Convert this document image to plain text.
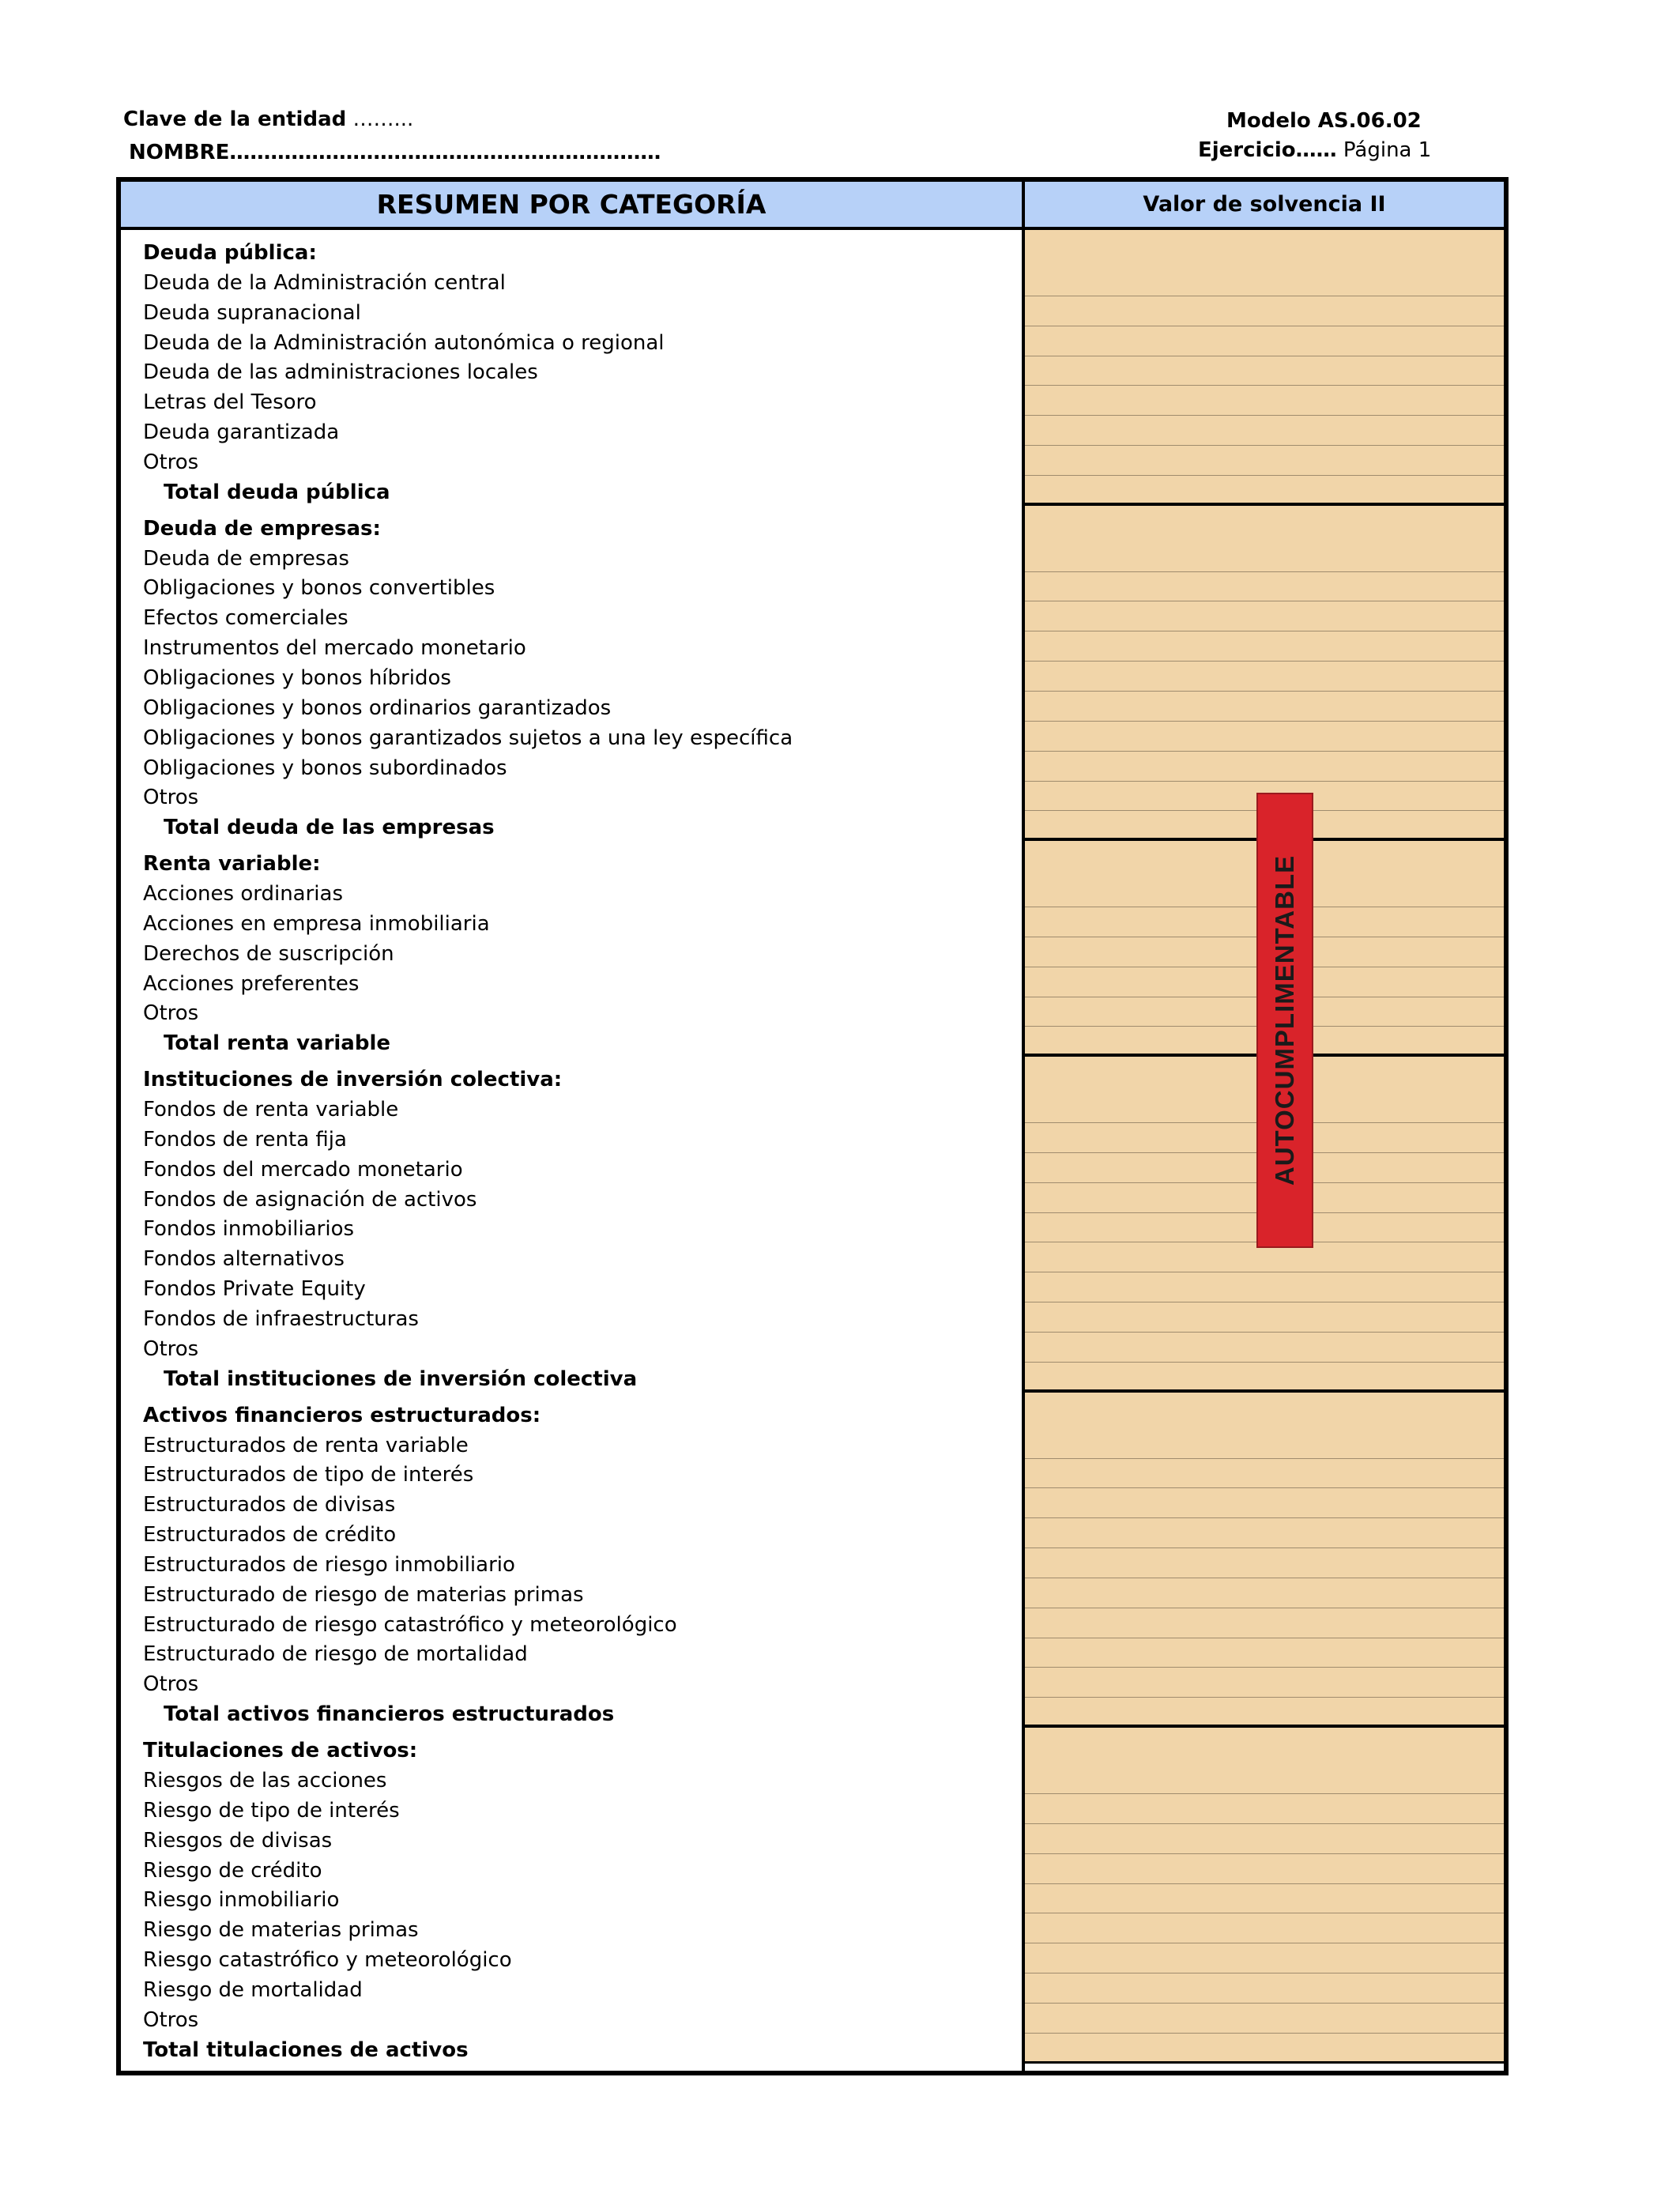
Clave de la entidad ……...
NOMBRE………………………………………………………
Modelo AS.06.02
Ejercicio…… Página 1
RESUMEN POR CATEGORÍA	Valor de solvencia II
Deuda pública:
Deuda de la Administración central
Deuda supranacional
Deuda de la Administración autonómica o regional
Deuda de las administraciones locales
Letras del Tesoro
Deuda garantizada
Otros
Total deuda pública
Deuda de empresas:
Deuda de empresas
Obligaciones y bonos convertibles
Efectos comerciales
Instrumentos del mercado monetario
Obligaciones y bonos híbridos
Obligaciones y bonos ordinarios garantizados
Obligaciones y bonos garantizados sujetos a una ley específica
Obligaciones y bonos subordinados
Otros
Total deuda de las empresas
Renta variable:
Acciones ordinarias
Acciones en empresa inmobiliaria
Derechos de suscripción
Acciones preferentes
Otros
Total renta variable
Instituciones de inversión colectiva:
Fondos de renta variable
Fondos de renta fija
Fondos del mercado monetario
Fondos de asignación de activos
Fondos inmobiliarios
Fondos alternativos
Fondos Private Equity
Fondos de infraestructuras
Otros
Total instituciones de inversión colectiva
Activos financieros estructurados:
Estructurados de renta variable
Estructurados de tipo de interés
Estructurados de divisas
Estructurados de crédito
Estructurados de riesgo inmobiliario
Estructurado de riesgo de materias primas
Estructurado de riesgo catastrófico y meteorológico
Estructurado de riesgo de mortalidad
Otros
Total activos financieros estructurados
Titulaciones de activos:
Riesgos de las acciones
Riesgo de tipo de interés
Riesgos de divisas
Riesgo de crédito
Riesgo inmobiliario
Riesgo de materias primas
Riesgo catastrófico y meteorológico
Riesgo de mortalidad
Otros
Total titulaciones de activos
AUTOCUMPLIMENTABLE
